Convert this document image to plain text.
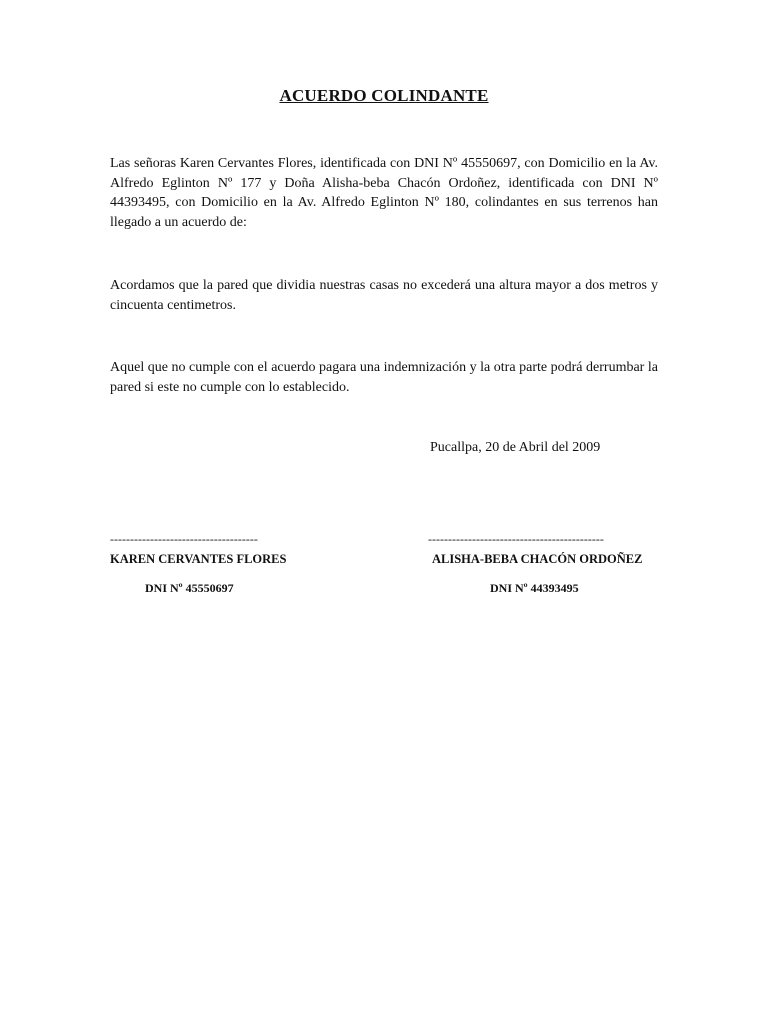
ACUERDO COLINDANTE
Las señoras Karen Cervantes Flores, identificada con DNI Nº 45550697, con Domicilio en la Av. Alfredo Eglinton Nº 177 y Doña Alisha-beba Chacón Ordoñez, identificada con DNI Nº 44393495, con Domicilio en la Av. Alfredo Eglinton Nº 180, colindantes en sus terrenos han llegado a un acuerdo de:
Acordamos que la pared que dividia nuestras casas no excederá una altura mayor a dos metros y cincuenta centimetros.
Aquel que no cumple con el acuerdo pagara una indemnización y la otra parte podrá derrumbar la pared si este no cumple con lo establecido.
Pucallpa, 20 de Abril del 2009
-------------------------------------
KAREN CERVANTES FLORES
DNI Nº 45550697
--------------------------------------------
ALISHA-BEBA CHACÓN ORDOÑEZ
DNI Nº 44393495
